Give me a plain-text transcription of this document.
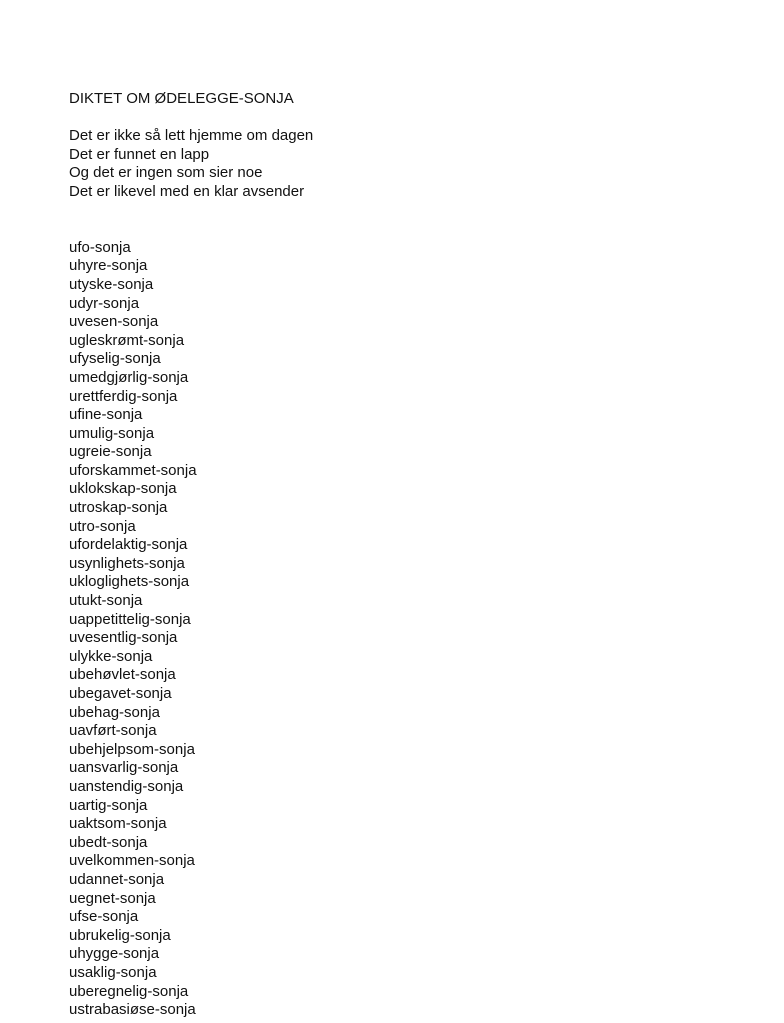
DIKTET OM ØDELEGGE-SONJA
Det er ikke så lett hjemme om dagen
Det er funnet en lapp
Og det er ingen som sier noe
Det er likevel med en klar avsender
ufo-sonja
uhyre-sonja
utyske-sonja
udyr-sonja
uvesen-sonja
ugleskrømt-sonja
ufyselig-sonja
umedgjørlig-sonja
urettferdig-sonja
ufine-sonja
umulig-sonja
ugreie-sonja
uforskammet-sonja
uklokskap-sonja
utroskap-sonja
utro-sonja
ufordelaktig-sonja
usynlighets-sonja
ukloglighets-sonja
utukt-sonja
uappetittelig-sonja
uvesentlig-sonja
ulykke-sonja
ubehøvlet-sonja
ubegavet-sonja
ubehag-sonja
uavført-sonja
ubehjelpsom-sonja
uansvarlig-sonja
uanstendig-sonja
uartig-sonja
uaktsom-sonja
ubedt-sonja
uvelkommen-sonja
udannet-sonja
uegnet-sonja
ufse-sonja
ubrukelig-sonja
uhygge-sonja
usaklig-sonja
uberegnelig-sonja
ustrabasiøse-sonja
